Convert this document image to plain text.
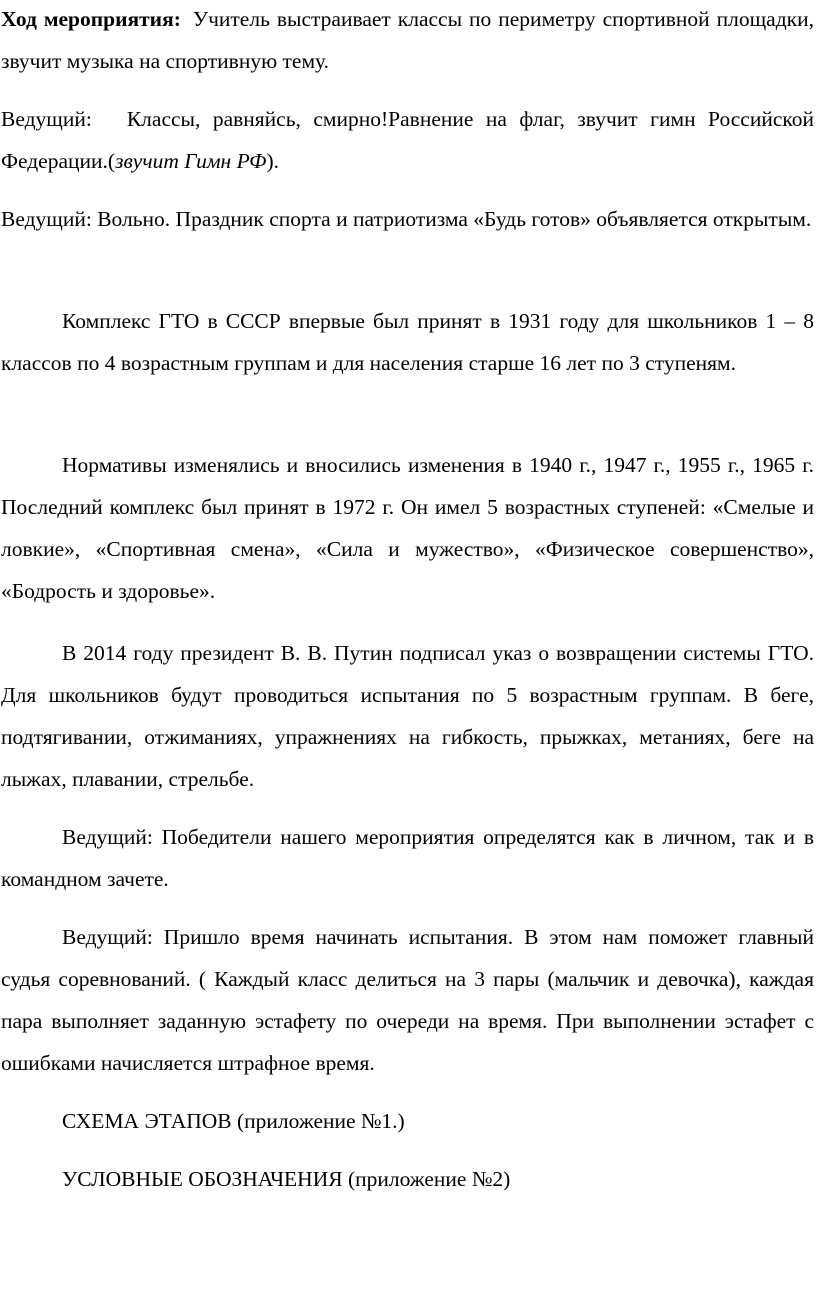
Ход мероприятия: Учитель выстраивает классы по периметру спортивной площадки, звучит музыка на спортивную тему.

Ведущий: Классы, равняйсь, смирно!Равнение на флаг, звучит гимн Российской Федерации.(звучит Гимн РФ).

Ведущий: Вольно. Праздник спорта и патриотизма «Будь готов» объявляется открытым.

Комплекс ГТО в СССР впервые был принят в 1931 году для школьников 1 – 8 классов по 4 возрастным группам и для населения старше 16 лет по 3 ступеням.

Нормативы изменялись и вносились изменения в 1940 г., 1947 г., 1955 г., 1965 г. Последний комплекс был принят в 1972 г. Он имел 5 возрастных ступеней: «Смелые и ловкие», «Спортивная смена», «Сила и мужество», «Физическое совершенство», «Бодрость и здоровье».

В 2014 году президент В. В. Путин подписал указ о возвращении системы ГТО. Для школьников будут проводиться испытания по 5 возрастным группам. В беге, подтягивании, отжиманиях, упражнениях на гибкость, прыжках, метаниях, беге на лыжах, плавании, стрельбе.

Ведущий: Победители нашего мероприятия определятся как в личном, так и в командном зачете.

Ведущий: Пришло время начинать испытания. В этом нам поможет главный судья соревнований. ( Каждый класс делиться на 3 пары (мальчик и девочка), каждая пара выполняет заданную эстафету по очереди на время. При выполнении эстафет с ошибками начисляется штрафное время.

СХЕМА ЭТАПОВ (приложение №1.)

УСЛОВНЫЕ ОБОЗНАЧЕНИЯ (приложение №2)
